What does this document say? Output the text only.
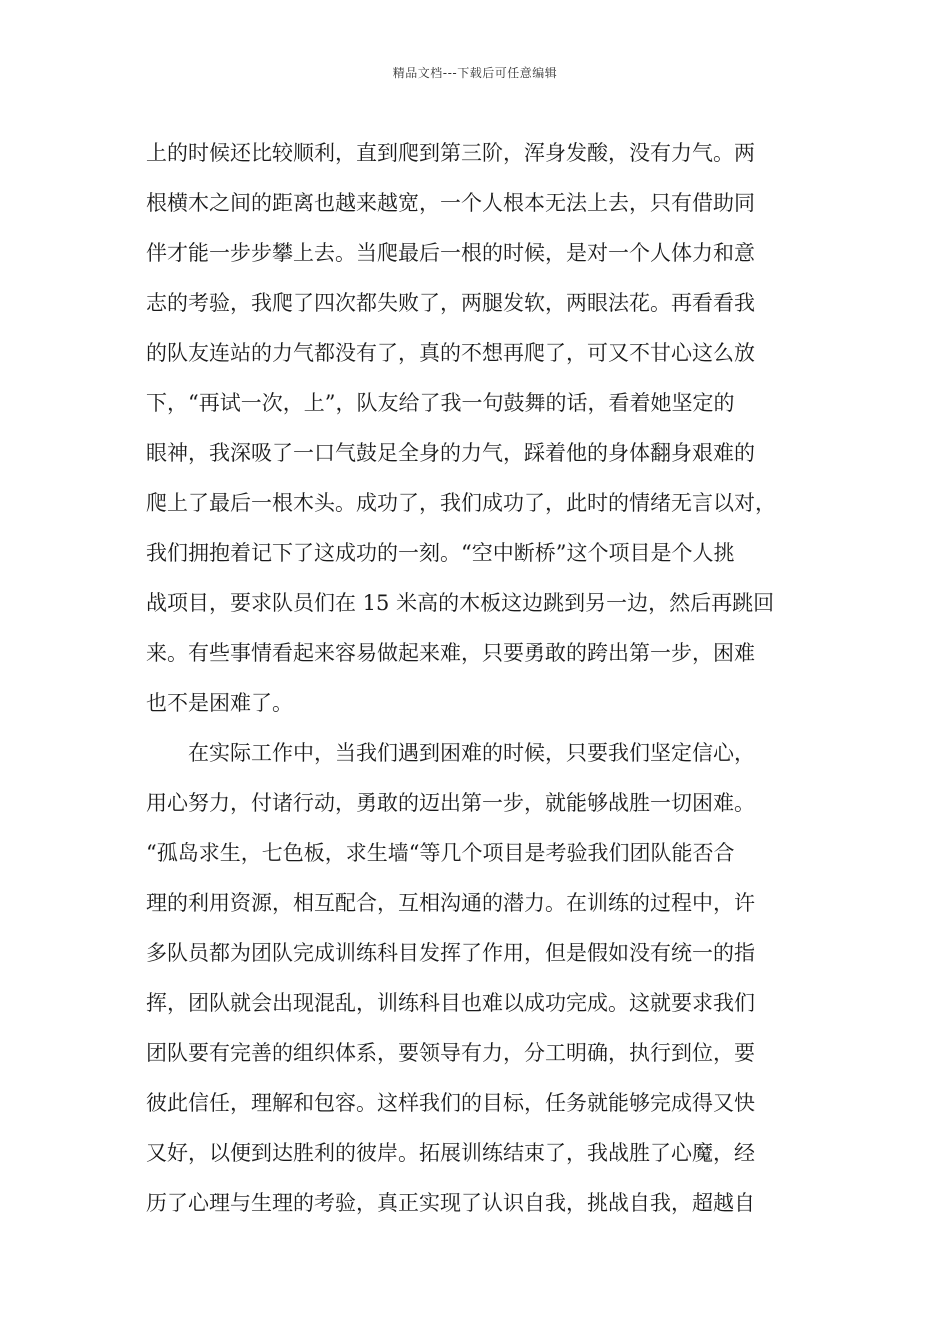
精品文档---下载后可任意编辑
上的时候还比较顺利，直到爬到第三阶，浑身发酸，没有力气。两
根横木之间的距离也越来越宽，一个人根本无法上去，只有借助同
伴才能一步步攀上去。当爬最后一根的时候，是对一个人体力和意
志的考验，我爬了四次都失败了，两腿发软，两眼法花。再看看我
的队友连站的力气都没有了，真的不想再爬了，可又不甘心这么放
下，“再试一次，上”，队友给了我一句鼓舞的话，看着她坚定的
眼神，我深吸了一口气鼓足全身的力气，踩着他的身体翻身艰难的
爬上了最后一根木头。成功了，我们成功了，此时的情绪无言以对，
我们拥抱着记下了这成功的一刻。“空中断桥”这个项目是个人挑
战项目，要求队员们在 15 米高的木板这边跳到另一边，然后再跳回
来。有些事情看起来容易做起来难，只要勇敢的跨出第一步，困难
也不是困难了。
在实际工作中，当我们遇到困难的时候，只要我们坚定信心，
用心努力，付诸行动，勇敢的迈出第一步，就能够战胜一切困难。
“孤岛求生，七色板，求生墙“等几个项目是考验我们团队能否合
理的利用资源，相互配合，互相沟通的潜力。在训练的过程中，许
多队员都为团队完成训练科目发挥了作用，但是假如没有统一的指
挥，团队就会出现混乱，训练科目也难以成功完成。这就要求我们
团队要有完善的组织体系，要领导有力，分工明确，执行到位，要
彼此信任，理解和包容。这样我们的目标，任务就能够完成得又快
又好，以便到达胜利的彼岸。拓展训练结束了，我战胜了心魔，经
历了心理与生理的考验，真正实现了认识自我，挑战自我，超越自
